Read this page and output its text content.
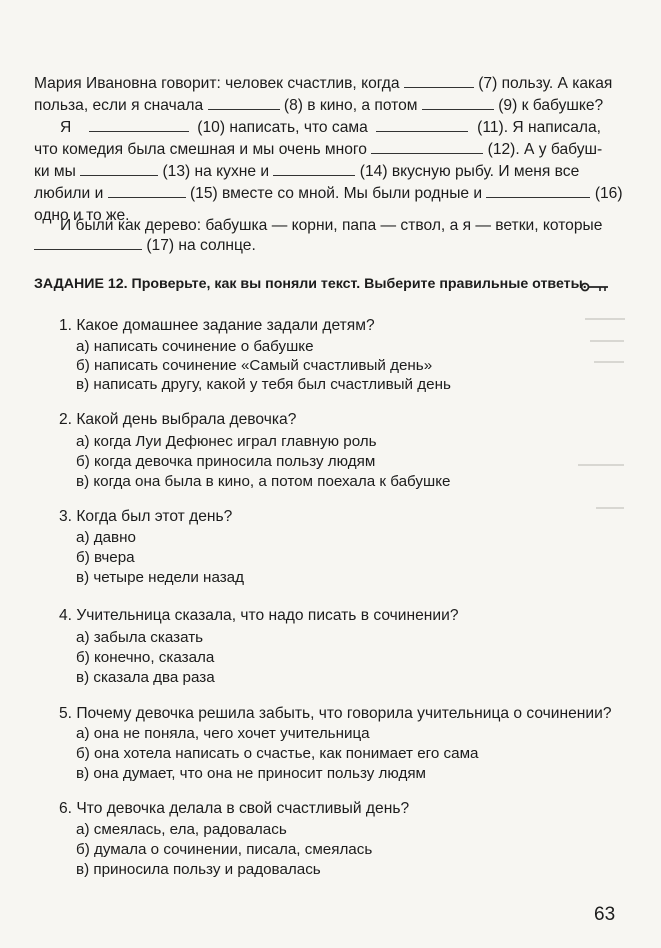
Мария Ивановна говорит: человек счастлив, когда	(7) пользу. А какая
польза, если я сначала	(8) в кино, а потом	(9) к бабушке?
Я	(10) написать, что сама	(11). Я написала,
что комедия была смешная и мы очень много	(12). А у бабуш-
ки мы	(13) на кухне и	(14) вкусную рыбу. И меня все
любили и	(15) вместе со мной. Мы были родные и	(16)
одно и то же.
И были как дерево: бабушка — корни, папа — ствол, а я — ветки, которые
(17) на солнце.
ЗАДАНИЕ 12. Проверьте, как вы поняли текст. Выберите правильные ответы.
1. Какое домашнее задание задали детям?
а) написать сочинение о бабушке
б) написать сочинение «Самый счастливый день»
в) написать другу, какой у тебя был счастливый день
2. Какой день выбрала девочка?
а) когда Луи Дефюнес играл главную роль
б) когда девочка приносила пользу людям
в) когда она была в кино, а потом поехала к бабушке
3. Когда был этот день?
а) давно
б) вчера
в) четыре недели назад
4. Учительница сказала, что надо писать в сочинении?
а) забыла сказать
б) конечно, сказала
в) сказала два раза
5. Почему девочка решила забыть, что говорила учительница о сочинении?
а) она не поняла, чего хочет учительница
б) она хотела написать о счастье, как понимает его сама
в) она думает, что она не приносит пользу людям
6. Что девочка делала в свой счастливый день?
а) смеялась, ела, радовалась
б) думала о сочинении, писала, смеялась
в) приносила пользу и радовалась
63
